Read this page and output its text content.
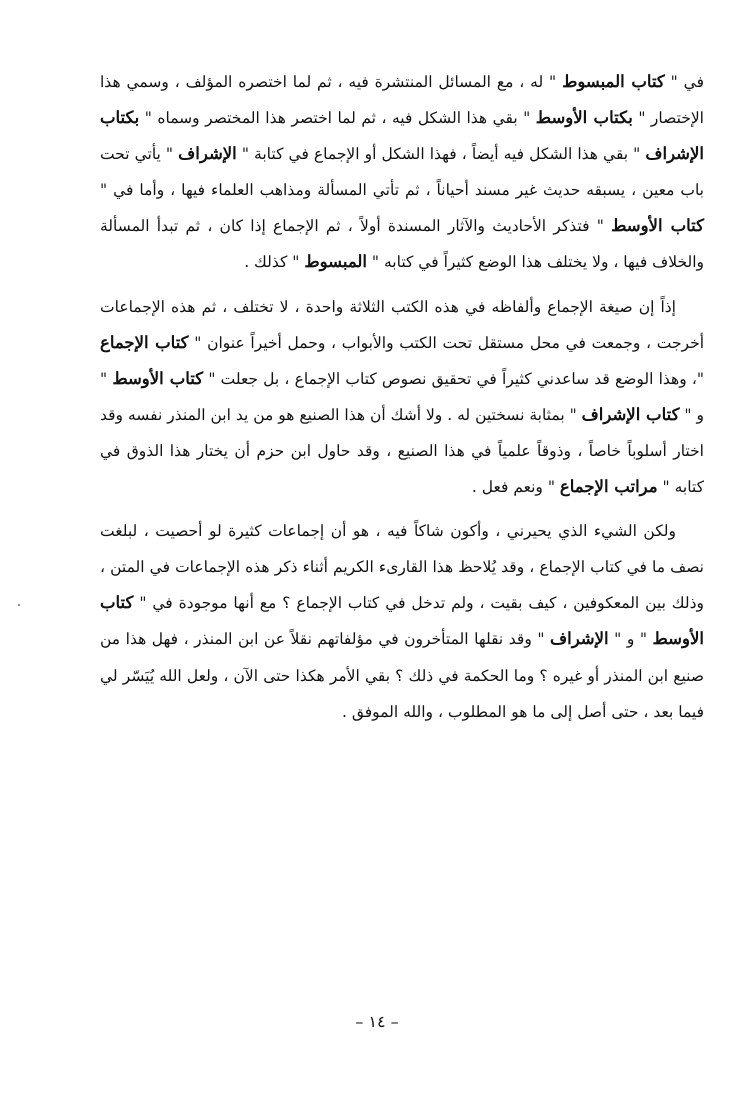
في " كتاب المبسوط " له ، مع المسائل المنتشرة فيه ، ثم لما اختصره المؤلف ، وسمي هذا الإختصار " بكتاب الأوسط " بقي هذا الشكل فيه ، ثم لما اختصر هذا المختصر وسماه " بكتاب الإشراف " بقي هذا الشكل فيه أيضاً ، فهذا الشكل أو الإجماع في كتابة " الإشراف " يأتي تحت باب معين ، يسبقه حديث غير مسند أحياناً ، ثم تأتي المسألة ومذاهب العلماء فيها ، وأما في " كتاب الأوسط " فتذكر الأحاديث والآثار المسندة أولاً ، ثم الإجماع إذا كان ، ثم تبدأ المسألة والخلاف فيها ، ولا يختلف هذا الوضع كثيراً في كتابه " المبسوط " كذلك .

إذاً إن صيغة الإجماع وألفاظه في هذه الكتب الثلاثة واحدة ، لا تختلف ، ثم هذه الإجماعات أخرجت ، وجمعت في محل مستقل تحت الكتب والأبواب ، وحمل أخيراً عنوان " كتاب الإجماع "، وهذا الوضع قد ساعدني كثيراً في تحقيق نصوص كتاب الإجماع ، بل جعلت " كتاب الأوسط " و " كتاب الإشراف " بمثابة نسختين له . ولا أشك أن هذا الصنيع هو من يد ابن المنذر نفسه وقد اختار أسلوباً خاصاً ، وذوقاً علمياً في هذا الصنيع ، وقد حاول ابن حزم أن يختار هذا الذوق في كتابه " مراتب الإجماع " ونعم فعل .

ولكن الشيء الذي يحيرني ، وأكون شاكاً فيه ، هو أن إجماعات كثيرة لو أحصيت ، لبلغت نصف ما في كتاب الإجماع ، وقد يُلاحظ هذا القارىء الكريم أثناء ذكر هذه الإجماعات في المتن ، وذلك بين المعكوفين ، كيف بقيت ، ولم تدخل في كتاب الإجماع ؟ مع أنها موجودة في " كتاب الأوسط " و " الإشراف " وقد نقلها المتأخرون في مؤلفاتهم نقلاً عن ابن المنذر ، فهل هذا من صنيع ابن المنذر أو غيره ؟ وما الحكمة في ذلك ؟ بقي الأمر هكذا حتى الآن ، ولعل الله يُيَسّر لي فيما بعد ، حتى أصل إلى ما هو المطلوب ، والله الموفق .

– ١٤ –
